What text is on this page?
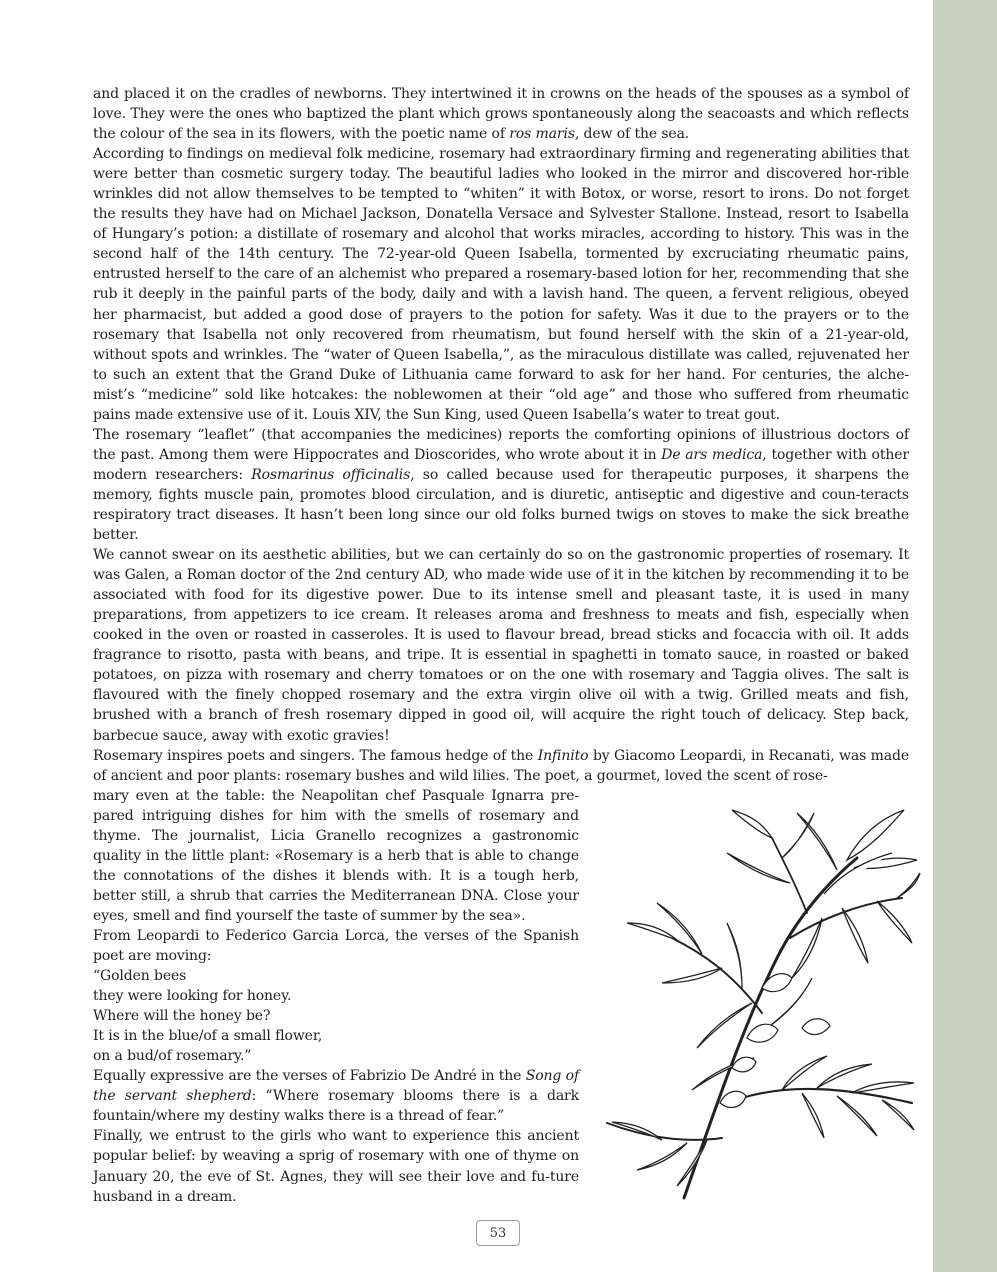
and placed it on the cradles of newborns. They intertwined it in crowns on the heads of the spouses as a symbol of love. They were the ones who baptized the plant which grows spontaneously along the seacoasts and which reflects the colour of the sea in its flowers, with the poetic name of ros maris, dew of the sea.

According to findings on medieval folk medicine, rosemary had extraordinary firming and regenerating abilities that were better than cosmetic surgery today. The beautiful ladies who looked in the mirror and discovered hor-rible wrinkles did not allow themselves to be tempted to “whiten” it with Botox, or worse, resort to irons. Do not forget the results they have had on Michael Jackson, Donatella Versace and Sylvester Stallone. Instead, resort to Isabella of Hungary’s potion: a distillate of rosemary and alcohol that works miracles, according to history. This was in the second half of the 14th century. The 72-year-old Queen Isabella, tormented by excruciating rheumatic pains, entrusted herself to the care of an alchemist who prepared a rosemary-based lotion for her, recommending that she rub it deeply in the painful parts of the body, daily and with a lavish hand. The queen, a fervent religious, obeyed her pharmacist, but added a good dose of prayers to the potion for safety. Was it due to the prayers or to the rosemary that Isabella not only recovered from rheumatism, but found herself with the skin of a 21-year-old, without spots and wrinkles. The “water of Queen Isabella,”, as the miraculous distillate was called, rejuvenated her to such an extent that the Grand Duke of Lithuania came forward to ask for her hand. For centuries, the alche-mist’s “medicine” sold like hotcakes: the noblewomen at their “old age” and those who suffered from rheumatic pains made extensive use of it. Louis XIV, the Sun King, used Queen Isabella’s water to treat gout.

The rosemary “leaflet” (that accompanies the medicines) reports the comforting opinions of illustrious doctors of the past. Among them were Hippocrates and Dioscorides, who wrote about it in De ars medica, together with other modern researchers: Rosmarinus officinalis, so called because used for therapeutic purposes, it sharpens the memory, fights muscle pain, promotes blood circulation, and is diuretic, antiseptic and digestive and coun-teracts respiratory tract diseases. It hasn’t been long since our old folks burned twigs on stoves to make the sick breathe better.

We cannot swear on its aesthetic abilities, but we can certainly do so on the gastronomic properties of rosemary. It was Galen, a Roman doctor of the 2nd century AD, who made wide use of it in the kitchen by recommending it to be associated with food for its digestive power. Due to its intense smell and pleasant taste, it is used in many preparations, from appetizers to ice cream. It releases aroma and freshness to meats and fish, especially when cooked in the oven or roasted in casseroles. It is used to flavour bread, bread sticks and focaccia with oil. It adds fragrance to risotto, pasta with beans, and tripe. It is essential in spaghetti in tomato sauce, in roasted or baked potatoes, on pizza with rosemary and cherry tomatoes or on the one with rosemary and Taggia olives. The salt is flavoured with the finely chopped rosemary and the extra virgin olive oil with a twig. Grilled meats and fish, brushed with a branch of fresh rosemary dipped in good oil, will acquire the right touch of delicacy. Step back, barbecue sauce, away with exotic gravies!

Rosemary inspires poets and singers. The famous hedge of the Infinito by Giacomo Leopardi, in Recanati, was made of ancient and poor plants: rosemary bushes and wild lilies. The poet, a gourmet, loved the scent of rose-

mary even at the table: the Neapolitan chef Pasquale Ignarra pre-pared intriguing dishes for him with the smells of rosemary and thyme. The journalist, Licia Granello recognizes a gastronomic quality in the little plant: «Rosemary is a herb that is able to change the connotations of the dishes it blends with. It is a tough herb, better still, a shrub that carries the Mediterranean DNA. Close your eyes, smell and find yourself the taste of summer by the sea».

From Leopardi to Federico Garcia Lorca, the verses of the Spanish poet are moving:

“Golden bees

they were looking for honey.

Where will the honey be?

It is in the blue/of a small flower,

on a bud/of rosemary.”

Equally expressive are the verses of Fabrizio De André in the Song of the servant shepherd: “Where rosemary blooms there is a dark fountain/where my destiny walks there is a thread of fear.”

Finally, we entrust to the girls who want to experience this ancient popular belief: by weaving a sprig of rosemary with one of thyme on January 20, the eve of St. Agnes, they will see their love and fu-ture husband in a dream.

53
